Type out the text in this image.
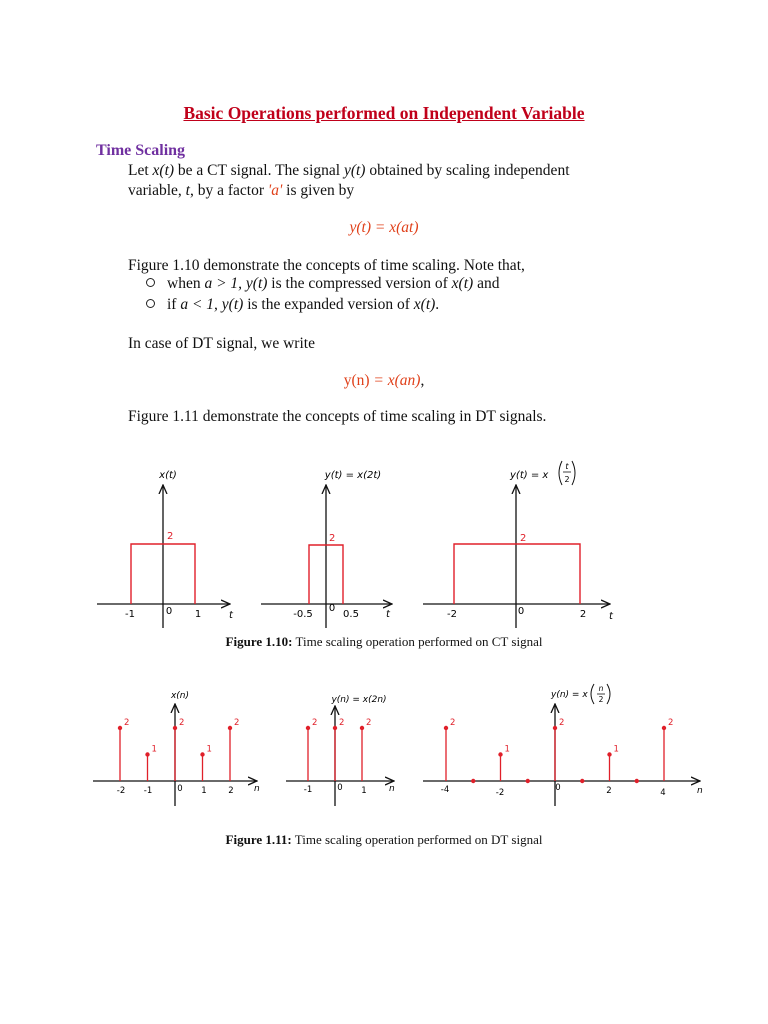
Basic Operations performed on Independent Variable
Time Scaling
Let x(t) be a CT signal. The signal y(t) obtained by scaling independent
variable, t, by a factor 'a' is given by
y(t) = x(at)
Figure 1.10 demonstrate the concepts of time scaling. Note that,
when a > 1, y(t) is the compressed version of x(t) and
if a < 1, y(t) is the expanded version of x(t).
In case of DT signal, we write
y(n) = x(an),
Figure 1.11 demonstrate the concepts of time scaling in DT signals.
x(t)
2
-1	0 1	t
y(t) = x(2t)
2
-0.5
0
0.5	t
y(t) = x
t
2
2
-2	0	2 t
Figure 1.10: Time scaling operation performed on CT signal
x(n)
2
1
2
1
2
-2 -1	0 1	2 n
y(n) = x(2n)
2	2	2
-1	0 1 n
y(n) = x
n
2
2
1
2
1
2
-4	-2	0	2	4	n
Figure 1.11: Time scaling operation performed on DT signal
